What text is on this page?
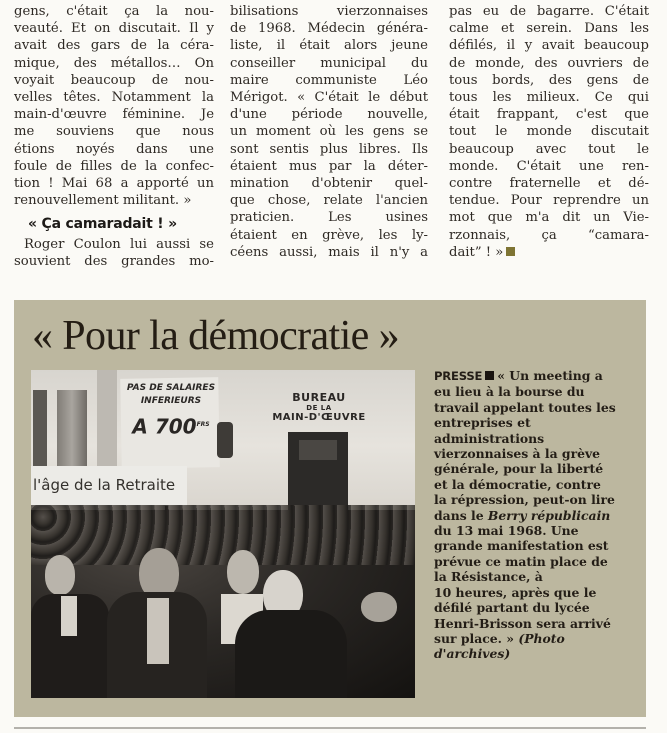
gens, c'était ça la nou-
veauté. Et on discutait. Il y
avait des gars de la céra-
mique, des métallos… On
voyait beaucoup de nou-
velles têtes. Notamment la
main-d'œuvre féminine. Je
me souviens que nous
étions noyés dans une
foule de filles de la confec-
tion ! Mai 68 a apporté un
renouvellement militant. »
« Ça camaradait ! »
Roger Coulon lui aussi se
souvient des grandes mo-
bilisations vierzonnaises
de 1968. Médecin généra-
liste, il était alors jeune
conseiller municipal du
maire communiste Léo
Mérigot. « C'était le début
d'une période nouvelle,
un moment où les gens se
sont sentis plus libres. Ils
étaient mus par la déter-
mination d'obtenir quel-
que chose, relate l'ancien
praticien. Les usines
étaient en grève, les ly-
céens aussi, mais il n'y a
pas eu de bagarre. C'était
calme et serein. Dans les
défilés, il y avait beaucoup
de monde, des ouvriers de
tous bords, des gens de
tous les milieux. Ce qui
était frappant, c'est que
tout le monde discutait
beaucoup avec tout le
monde. C'était une ren-
contre fraternelle et dé-
tendue. Pour reprendre un
mot que m'a dit un Vie-
rzonnais, ça “camara-
dait” ! »
« Pour la démocratie »
BUREAU
DE LA
MAIN-D'ŒUVRE
PAS DE SALAIRES
INFERIEURS
A $700^{FRS}$
l'âge de la Retraite
PRESSE « Un meeting a
eu lieu à la bourse du
travail appelant toutes les
entreprises et
administrations
vierzonnaises à la grève
générale, pour la liberté
et la démocratie, contre
la répression, peut-on lire
dans le Berry républicain
du 13 mai 1968. Une
grande manifestation est
prévue ce matin place de
la Résistance, à
10 heures, après que le
défilé partant du lycée
Henri-Brisson sera arrivé
sur place. » (Photo
d'archives)
